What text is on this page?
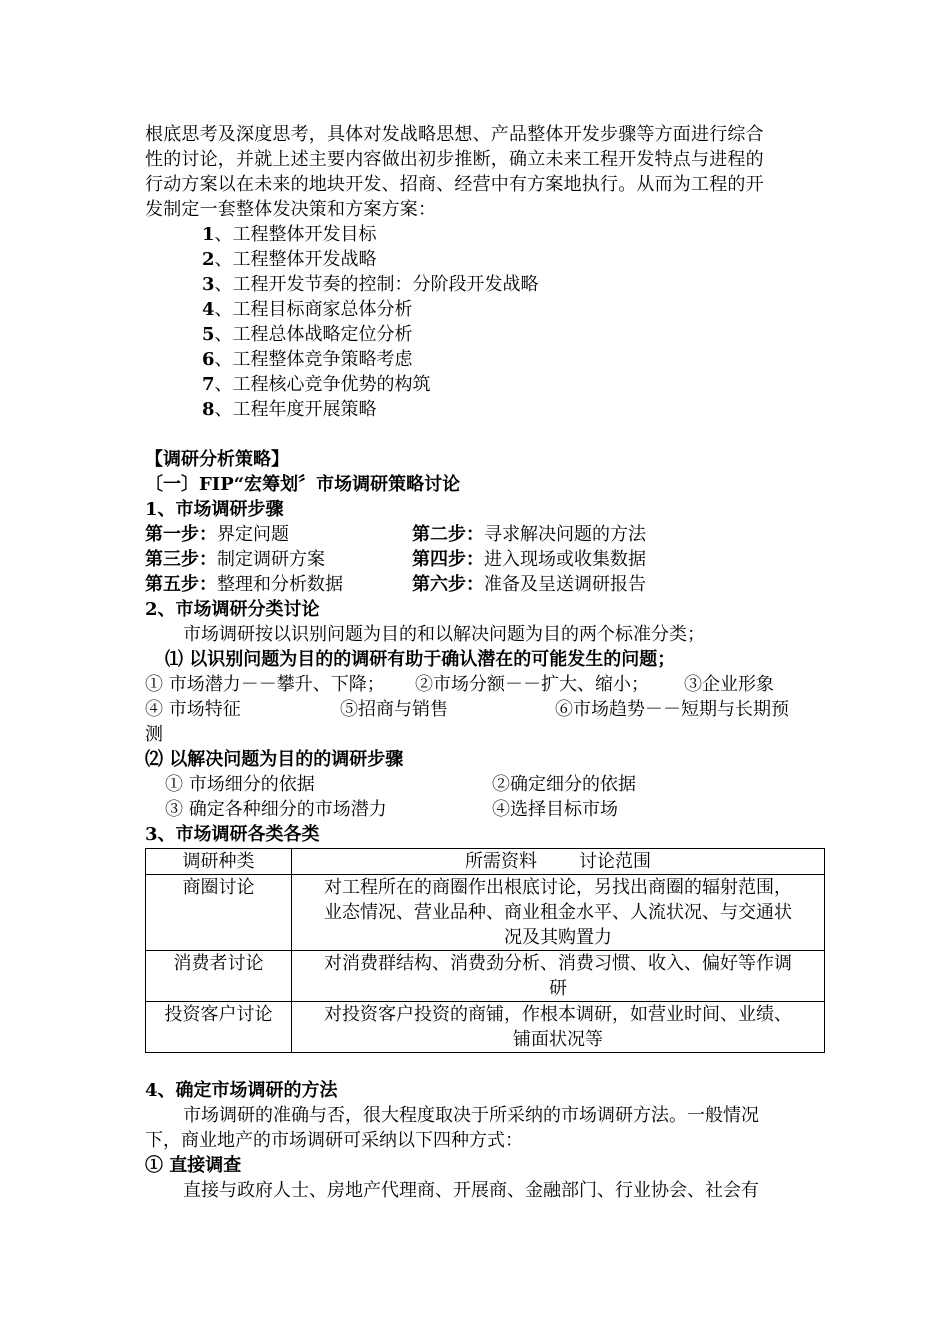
根底思考及深度思考，具体对发战略思想、产品整体开发步骤等方面进行综合
性的讨论，并就上述主要内容做出初步推断，确立未来工程开发特点与进程的
行动方案以在未来的地块开发、招商、经营中有方案地执行。从而为工程的开
发制定一套整体发决策和方案方案：
1、工程整体开发目标
2、工程整体开发战略
3、工程开发节奏的控制：分阶段开发战略
4、工程目标商家总体分析
5、工程总体战略定位分析
6、工程整体竞争策略考虑
7、工程核心竞争优势的构筑
8、工程年度开展策略
【调研分析策略】
〔一〕FIP“宏筹划〞市场调研策略讨论
1、市场调研步骤
第一步：界定问题	第二步：寻求解决问题的方法
第三步：制定调研方案	第四步：进入现场或收集数据
第五步：整理和分析数据	第六步：准备及呈送调研报告
2、市场调研分类讨论
市场调研按以识别问题为目的和以解决问题为目的两个标准分类；
⑴ 以识别问题为目的的调研有助于确认潜在的可能发生的问题；
① 市场潜力－－攀升、下降； ②市场分额－－扩大、缩小； ③企业形象
④ 市场特征	⑤招商与销售	⑥市场趋势－－短期与长期预
测
⑵ 以解决问题为目的的调研步骤
① 市场细分的依据	②确定细分的依据
③ 确定各种细分的市场潜力	④选择目标市场
3、市场调研各类各类
调研种类	所需资料 讨论范围

商圈讨论	对工程所在的商圈作出根底讨论，另找出商圈的辐射范围，
业态情况、营业品种、商业租金水平、人流状况、与交通状
况及其购置力

消费者讨论	对消费群结构、消费劲分析、消费习惯、收入、偏好等作调
研

投资客户讨论	对投资客户投资的商铺，作根本调研，如营业时间、业绩、
铺面状况等
4、确定市场调研的方法
市场调研的准确与否，很大程度取决于所采纳的市场调研方法。一般情况
下，商业地产的市场调研可采纳以下四种方式：
① 直接调查
直接与政府人士、房地产代理商、开展商、金融部门、行业协会、社会有
